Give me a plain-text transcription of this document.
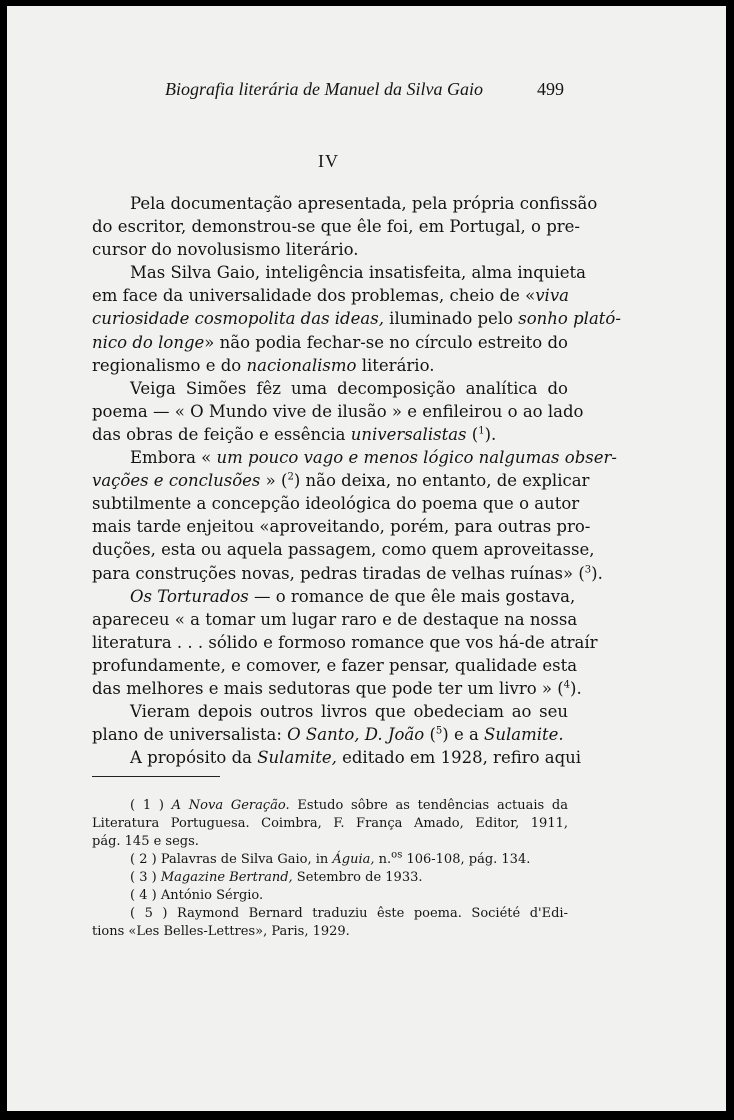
Biografia literária de Manuel da Silva Gaio	499
IV
Pela documentação apresentada, pela própria confissão
do escritor, demonstrou-se que êle foi, em Portugal, o pre-
cursor do novolusismo literário.
Mas Silva Gaio, inteligência insatisfeita, alma inquieta
em face da universalidade dos problemas, cheio de «viva
curiosidade cosmopolita das ideas, iluminado pelo sonho plató-
nico do longe» não podia fechar-se no círculo estreito do
regionalismo e do nacionalismo literário.
Veiga Simões fêz uma decomposição analítica do
poema — « O Mundo vive de ilusão » e enfileirou o ao lado
das obras de feição e essência universalistas ($^1$).
Embora « um pouco vago e menos lógico nalgumas obser-
vações e conclusões » ($^2$) não deixa, no entanto, de explicar
subtilmente a concepção ideológica do poema que o autor
mais tarde enjeitou «aproveitando, porém, para outras pro-
duções, esta ou aquela passagem, como quem aproveitasse,
para construções novas, pedras tiradas de velhas ruínas» ($^3$).
Os Torturados — o romance de que êle mais gostava,
apareceu « a tomar um lugar raro e de destaque na nossa
literatura . . . sólido e formoso romance que vos há-de atraír
profundamente, e comover, e fazer pensar, qualidade esta
das melhores e mais sedutoras que pode ter um livro » ($^4$).
Vieram depois outros livros que obedeciam ao seu
plano de universalista: O Santo, D. João ($^5$) e a Sulamite.
A propósito da Sulamite, editado em 1928, refiro aqui
( 1 ) A Nova Geração. Estudo sôbre as tendências actuais da
Literatura Portuguesa. Coimbra, F. França Amado, Editor, 1911,
pág. 145 e segs.
( 2 ) Palavras de Silva Gaio, in Águia, n.$^{os}$ 106-108, pág. 134.
( 3 ) Magazine Bertrand, Setembro de 1933.
( 4 ) António Sérgio.
( 5 ) Raymond Bernard traduziu êste poema. Société d'Edi-
tions «Les Belles-Lettres», Paris, 1929.
